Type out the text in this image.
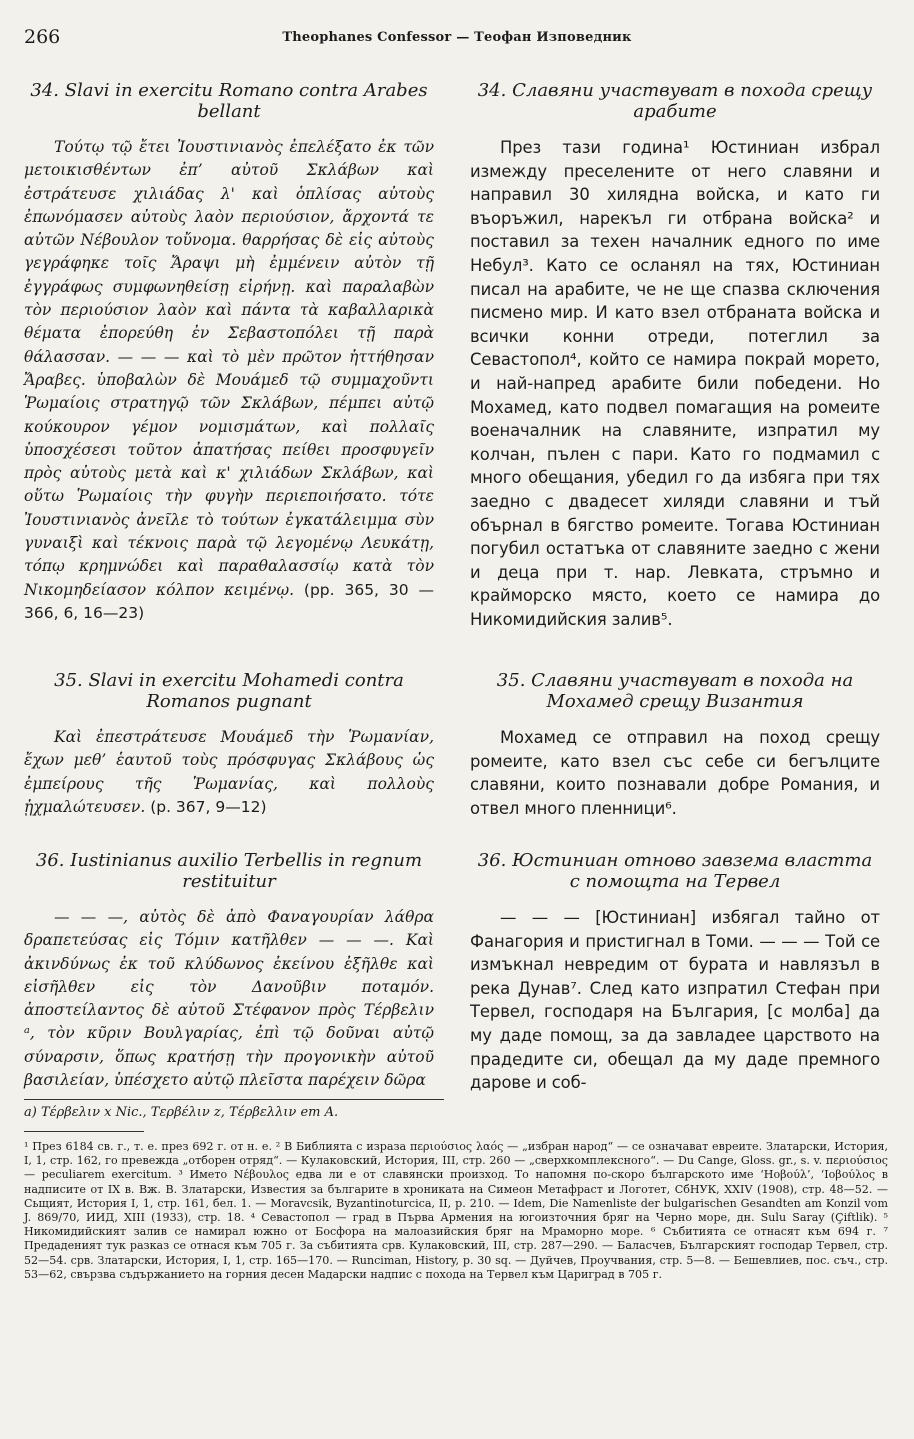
266	Theophanes Confessor — Теофан Изповедник
34. Slavi in exercitu Romano contra Arabes bellant

Τούτῳ τῷ ἔτει Ἰουστινιανὸς ἐπελέξατο ἐκ τῶν μετοικισθέντων ἐπ’ αὐτοῦ Σκλάβων καὶ ἐστράτευσε χιλιάδας λ' καὶ ὁπλίσας αὐτοὺς ἐπωνόμασεν αὐτοὺς λαὸν περιούσιον, ἄρχοντά τε αὐτῶν Νέβουλον τοὔνομα. θαρρήσας δὲ εἰς αὐτοὺς γεγράφηκε τοῖς Ἄραψι μὴ ἐμμένειν αὐτὸν τῇ ἐγγράφως συμφωνηθείσῃ εἰρήνῃ. καὶ παραλαβὼν τὸν περιούσιον λαὸν καὶ πάντα τὰ καβαλλαρικὰ θέματα ἐπορεύθη ἐν Σεβαστοπόλει τῇ παρὰ θάλασσαν. — — — καὶ τὸ μὲν πρῶτον ἡττήθησαν Ἄραβες. ὑποβαλὼν δὲ Μουάμεδ τῷ συμμαχοῦντι Ῥωμαίοις στρατηγῷ τῶν Σκλάβων, πέμπει αὐτῷ κούκουρον γέμον νομισμάτων, καὶ πολλαῖς ὑποσχέσεσι τοῦτον ἀπατήσας πείθει προσφυγεῖν πρὸς αὐτοὺς μετὰ καὶ κ' χιλιάδων Σκλάβων, καὶ οὕτω Ῥωμαίοις τὴν φυγὴν περιεποιήσατο. τότε Ἰουστινιανὸς ἀνεῖλε τὸ τούτων ἐγκατάλειμμα σὺν γυναιξὶ καὶ τέκνοις παρὰ τῷ λεγομένῳ Λευκάτῃ, τόπῳ κρημνώδει καὶ παραθαλασσίῳ κατὰ τὸν Νικομηδείασον κόλπον κειμένῳ. (pp. 365, 30 — 366, 6, 16—23)

35. Slavi in exercitu Mohamedi contra Romanos pugnant

Καὶ ἐπεστράτευσε Μουάμεδ τὴν Ῥωμανίαν, ἔχων μεθ’ ἑαυτοῦ τοὺς πρόσφυγας Σκλάβους ὡς ἐμπείρους τῆς Ῥωμανίας, καὶ πολλοὺς ᾐχμαλώτευσεν. (p. 367, 9—12)

36. Iustinianus auxilio Terbellis in regnum restituitur

— — —, αὐτὸς δὲ ἀπὸ Φαναγουρίαν λάθρα δραπετεύσας εἰς Τόμιν κατῆλθεν — — —. Καὶ ἀκινδύνως ἐκ τοῦ κλύδωνος ἐκείνου ἐξῆλθε καὶ εἰσῆλθεν εἰς τὸν Δανοῦβιν ποταμόν. ἀποστείλαντος δὲ αὐτοῦ Στέφανον πρὸς Τέρβελιν ᵃ, τὸν κῦριν Βουλγαρίας, ἐπὶ τῷ δοῦναι αὐτῷ σύναρσιν, ὅπως κρατήσῃ τὴν προγονικὴν αὐτοῦ βασιλείαν, ὑπέσχετο αὐτῷ πλεῖστα παρέχειν δῶρα

34. Славяни участвуват в похода срещу арабите

През тази година¹ Юстиниан избрал измежду преселените от него славяни и направил 30 хилядна войска, и като ги въоръжил, нарекъл ги отбрана войска² и поставил за техен началник едного по име Небул³. Като се осланял на тях, Юстиниан писал на арабите, че не ще спазва сключения писмено мир. И като взел отбраната войска и всички конни отреди, потеглил за Севастопол⁴, който се намира покрай морето, и най-напред арабите били победени. Но Мохамед, като подвел помагащия на ромеите военачалник на славяните, изпратил му колчан, пълен с пари. Като го подмамил с много обещания, убедил го да избяга при тях заедно с двадесет хиляди славяни и тъй обърнал в бягство ромеите. Тогава Юстиниан погубил остатъка от славяните заедно с жени и деца при т. нар. Левката, стръмно и крайморско място, което се намира до Никомидийския залив⁵.

35. Славяни участвуват в похода на Мохамед срещу Византия

Мохамед се отправил на поход срещу ромеите, като взел със себе си бегълците славяни, които познавали добре Романия, и отвел много пленници⁶.

36. Юстиниан отново завзема властта с помощта на Тервел

— — — [Юстиниан] избягал тайно от Фанагория и пристигнал в Томи. — — — Той се измъкнал невредим от бурата и навлязъл в река Дунав⁷. След като изпратил Стефан при Тервел, господаря на България, [с молба] да му даде помощ, за да завладее царството на прадедите си, обещал да му даде премного дарове и соб-

а) Τέρβελιν x Nic., Τερβέλιν z, Τέρβελλιν em A.

¹ През 6184 св. г., т. е. през 692 г. от н. е. ² В Библията с израза περιούσιος λαός — „избрaн народ“ — се означават евреите. Златарски, История, I, 1, стр. 162, го превежда „отборен отряд“. — Кулаковский, История, III, стр. 260 — „сверхкомплексного“. — Du Cange, Gloss. gr., s. v. περιούσιος — peculiarem exercitum. ³ Името Νέβουλος едва ли е от славянски произход. То напомня по-скоро българското име ‘Ноβούλ’, ‘Iοβούλος в надписите от IX в. Вж. В. Златарски, Известия за българите в хрониката на Симеон Метафраст и Логотет, СбНУК, XXIV (1908), стр. 48—52. — Сьщият, История I, 1, стр. 161, бел. 1. — Moravcsik, Byzantinoturcica, II, p. 210. — Idem, Die Namenliste der bulgarischen Gesandten am Konzil vom J. 869/70, ИИД, XIII (1933), стр. 18. ⁴ Севастопол — град в Първа Армения на югоизточния бряг на Черно море, дн. Sulu Saray (Çiftlik). ⁵ Никомидийският залив се намирал южно от Босфора на малоазийския бряг на Мраморно море. ⁶ Събитията се отнасят към 694 г. ⁷ Предаденият тук разказ се отнася към 705 г. За събитията срв. Кулаковский, III, стр. 287—290. — Баласчев, Българският господар Тервел, стр. 52—54. срв. Златарски, История, I, 1, стр. 165—170. — Runciman, History, p. 30 sq. — Дуйчев, Проучвания, стр. 5—8. — Бешевлиев, пос. съч., стр. 53—62, свързва съдържанието на горния десен Мадарски надпис с похода на Тервел към Цариград в 705 г.
